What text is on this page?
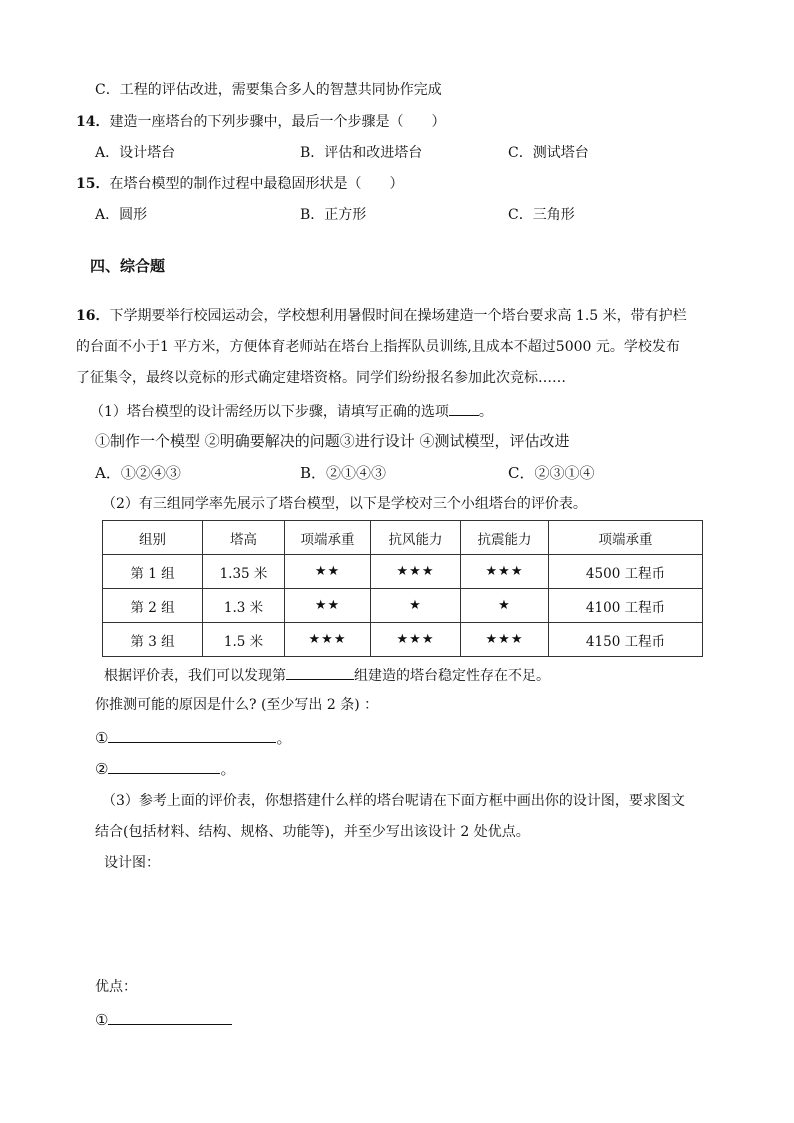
C．工程的评估改进，需要集合多人的智慧共同协作完成
14．建造一座塔台的下列步骤中，最后一个步骤是（　　）
A．设计塔台	B．评估和改进塔台	C．测试塔台
15．在塔台模型的制作过程中最稳固形状是（　　）
A．圆形	B．正方形	C．三角形
四、综合题
16．下学期要举行校园运动会，学校想利用暑假时间在操场建造一个塔台要求高 1.5 米，带有护栏
的台面不小于1 平方米，方便体育老师站在塔台上指挥队员训练,且成本不超过5000 元。学校发布
了征集令，最终以竞标的形式确定建塔资格。同学们纷纷报名参加此次竞标……
（1）塔台模型的设计需经历以下步骤，请填写正确的选项 。
①制作一个模型 ②明确要解决的问题③进行设计 ④测试模型，评估改进
A．①②④③	B．②①④③	C．②③①④
（2）有三组同学率先展示了塔台模型，以下是学校对三个小组塔台的评价表。
组别	塔高	项端承重	抗风能力	抗震能力	项端承重
第 1 组	1.35 米	★★	★★★	★★★	4500 工程币
第 2 组	1.3 米	★★	★	★	4100 工程币
第 3 组	1.5 米	★★★	★★★	★★★	4150 工程币
根据评价表，我们可以发现第	组建造的塔台稳定性存在不足。
你推测可能的原因是什么? (至少写出 2 条) ：
①	。
②	。
（3）参考上面的评价表，你想搭建什么样的塔台呢请在下面方框中画出你的设计图，要求图文
结合(包括材料、结构、规格、功能等)，并至少写出该设计 2 处优点。
设计图：
优点：
①
